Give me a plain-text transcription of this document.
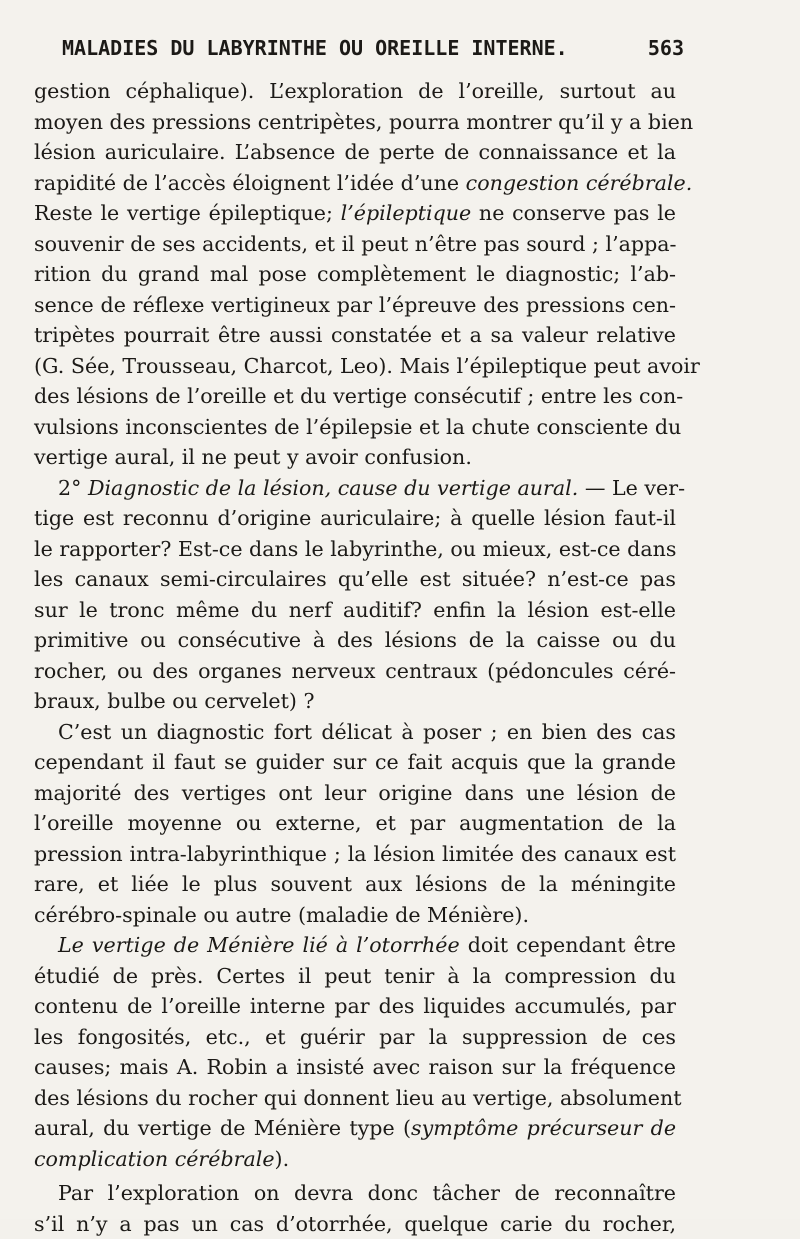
MALADIES DU LABYRINTHE OU OREILLE INTERNE.	563
gestion céphalique). L’exploration de l’oreille, surtout au
moyen des pressions centripètes, pourra montrer qu’il y a bien
lésion auriculaire. L’absence de perte de connaissance et la
rapidité de l’accès éloignent l’idée d’une congestion cérébrale.
Reste le vertige épileptique; l’épileptique ne conserve pas le
souvenir de ses accidents, et il peut n’être pas sourd ; l’appa-
rition du grand mal pose complètement le diagnostic; l’ab-
sence de réflexe vertigineux par l’épreuve des pressions cen-
tripètes pourrait être aussi constatée et a sa valeur relative
(G. Sée, Trousseau, Charcot, Leo). Mais l’épileptique peut avoir
des lésions de l’oreille et du vertige consécutif ; entre les con-
vulsions inconscientes de l’épilepsie et la chute consciente du
vertige aural, il ne peut y avoir confusion.
2° Diagnostic de la lésion, cause du vertige aural. — Le ver-
tige est reconnu d’origine auriculaire; à quelle lésion faut-il
le rapporter? Est-ce dans le labyrinthe, ou mieux, est-ce dans
les canaux semi-circulaires qu’elle est située? n’est-ce pas
sur le tronc même du nerf auditif? enfin la lésion est-elle
primitive ou consécutive à des lésions de la caisse ou du
rocher, ou des organes nerveux centraux (pédoncules céré-
braux, bulbe ou cervelet) ?
C’est un diagnostic fort délicat à poser ; en bien des cas
cependant il faut se guider sur ce fait acquis que la grande
majorité des vertiges ont leur origine dans une lésion de
l’oreille moyenne ou externe, et par augmentation de la
pression intra-labyrinthique ; la lésion limitée des canaux est
rare, et liée le plus souvent aux lésions de la méningite
cérébro-spinale ou autre (maladie de Ménière).
Le vertige de Ménière lié à l’otorrhée doit cependant être
étudié de près. Certes il peut tenir à la compression du
contenu de l’oreille interne par des liquides accumulés, par
les fongosités, etc., et guérir par la suppression de ces
causes; mais A. Robin a insisté avec raison sur la fréquence
des lésions du rocher qui donnent lieu au vertige, absolument
aural, du vertige de Ménière type (symptôme précurseur de
complication cérébrale).
Par l’exploration on devra donc tâcher de reconnaître
s’il n’y a pas un cas d’otorrhée, quelque carie du rocher,
